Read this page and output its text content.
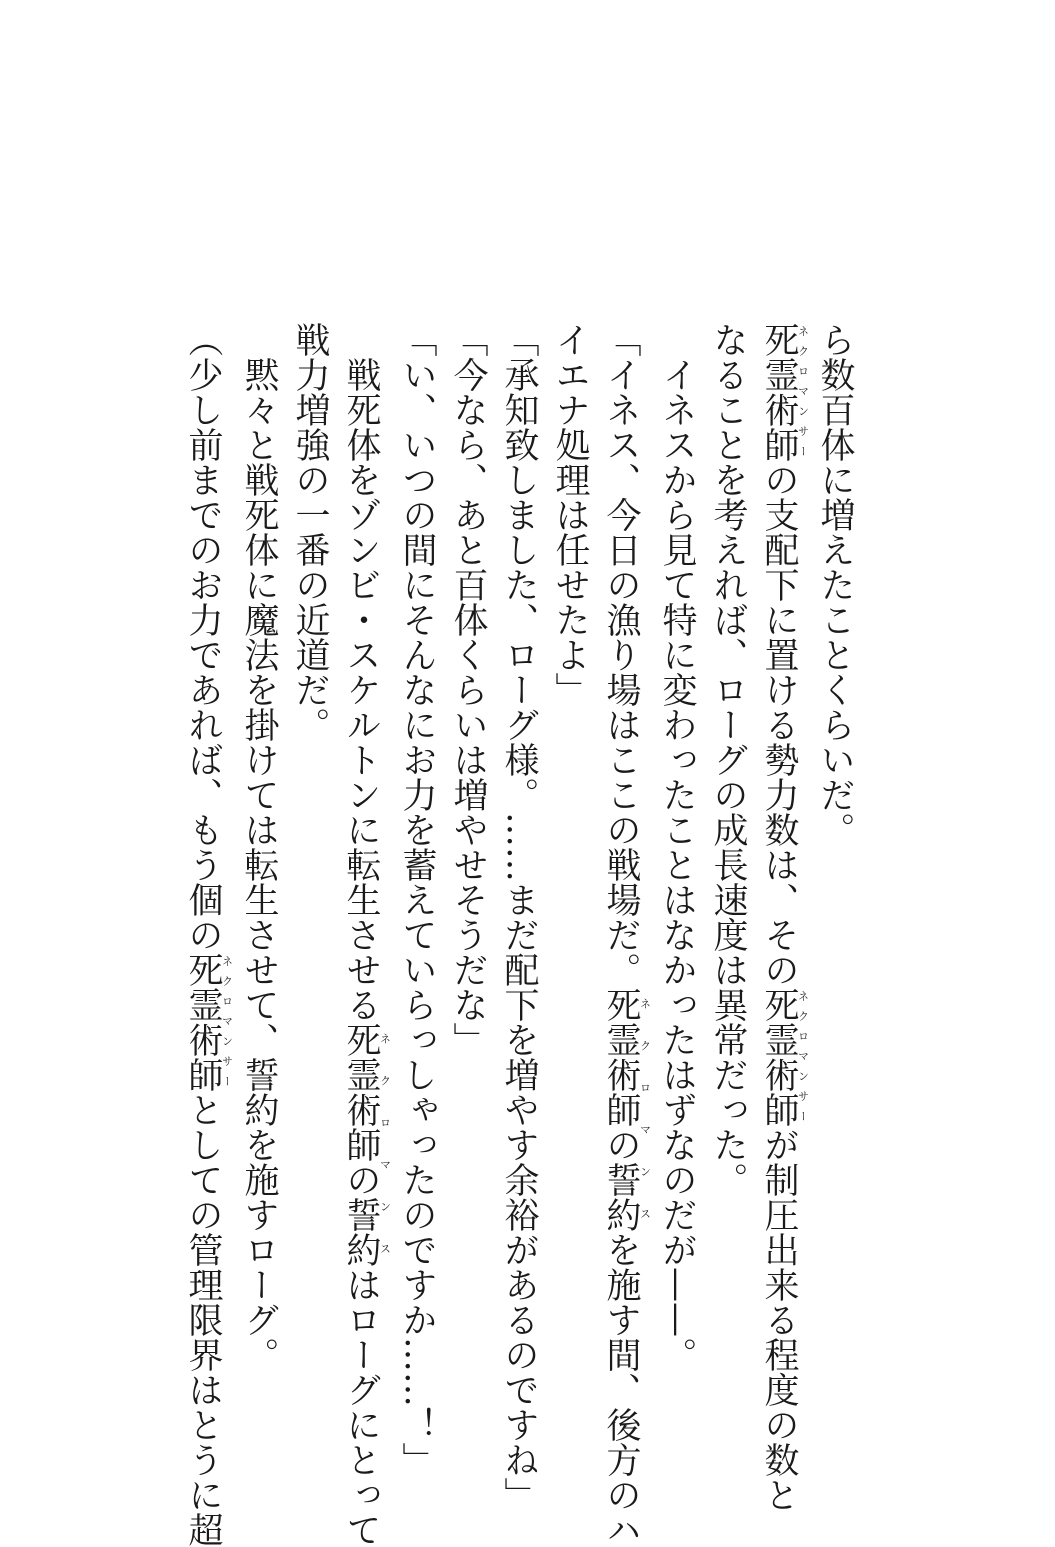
ら数百体に増えたことくらいだ。
死霊術師ネクロマンサーの支配下に置ける勢力数は、その死霊術師ネクロマンサーが制圧出来る程度の数と
なることを考えれば、ローグの成長速度は異常だった。
　イネスから見て特に変わったことはなかったはずなのだが——。
「イネス、今日の漁り場はここの戦場だ。死霊術師の誓約ネクロマンスを施す間、後方のハ
イエナ処理は任せたよ」
「承知致しました、ローグ様。……まだ配下を増やす余裕があるのですね」
「今なら、あと百体くらいは増やせそうだな」
「い、いつの間にそんなにお力を蓄えていらっしゃったのですか……！」
　戦死体をゾンビ・スケルトンに転生させる死霊術師の誓約ネクロマンスはローグにとって
戦力増強の一番の近道だ。
　黙々と戦死体に魔法を掛けては転生させて、誓約を施すローグ。
（少し前までのお力であれば、もう個の死霊術師ネクロマンサーとしての管理限界はとうに超
